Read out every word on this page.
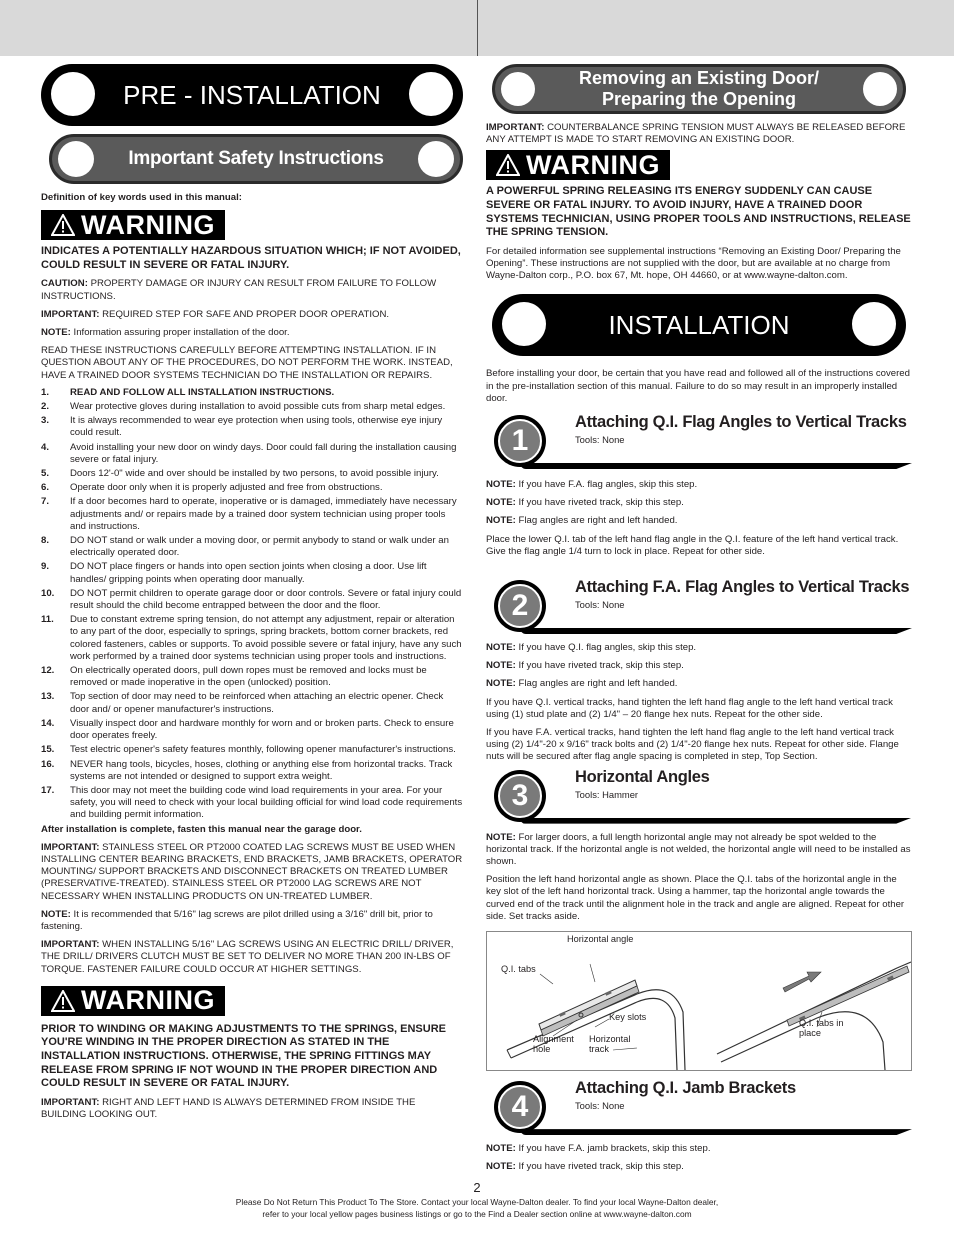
PRE - INSTALLATION
Important Safety Instructions
Definition of key words used in this manual:
WARNING
INDICATES A POTENTIALLY HAZARDOUS SITUATION WHICH; IF NOT AVOIDED, COULD RESULT IN SEVERE OR FATAL INJURY.
CAUTION: PROPERTY DAMAGE OR INJURY CAN RESULT FROM FAILURE TO FOLLOW INSTRUCTIONS.
IMPORTANT: REQUIRED STEP FOR SAFE AND PROPER DOOR OPERATION.
NOTE: Information assuring proper installation of the door.
READ THESE INSTRUCTIONS CAREFULLY BEFORE ATTEMPTING INSTALLATION. IF IN QUESTION ABOUT ANY OF THE PROCEDURES, DO NOT PERFORM THE WORK. INSTEAD, HAVE A TRAINED DOOR SYSTEMS TECHNICIAN DO THE INSTALLATION OR REPAIRS.
1. READ AND FOLLOW ALL INSTALLATION INSTRUCTIONS.
2. Wear protective gloves during installation to avoid possible cuts from sharp metal edges.
3. It is always recommended to wear eye protection when using tools, otherwise eye injury could result.
4. Avoid installing your new door on windy days. Door could fall during the installation causing severe or fatal injury.
5. Doors 12'-0" wide and over should be installed by two persons, to avoid possible injury.
6. Operate door only when it is properly adjusted and free from obstructions.
7. If a door becomes hard to operate, inoperative or is damaged, immediately have necessary adjustments and/ or repairs made by a trained door system technician using proper tools and instructions.
8. DO NOT stand or walk under a moving door, or permit anybody to stand or walk under an electrically operated door.
9. DO NOT place fingers or hands into open section joints when closing a door. Use lift handles/ gripping points when operating door manually.
10. DO NOT permit children to operate garage door or door controls. Severe or fatal injury could result should the child become entrapped between the door and the floor.
11. Due to constant extreme spring tension, do not attempt any adjustment, repair or alteration to any part of the door, especially to springs, spring brackets, bottom corner brackets, red colored fasteners, cables or supports. To avoid possible severe or fatal injury, have any such work performed by a trained door systems technician using proper tools and instructions.
12. On electrically operated doors, pull down ropes must be removed and locks must be removed or made inoperative in the open (unlocked) position.
13. Top section of door may need to be reinforced when attaching an electric opener. Check door and/ or opener manufacturer's instructions.
14. Visually inspect door and hardware monthly for worn and or broken parts. Check to ensure door operates freely.
15. Test electric opener's safety features monthly, following opener manufacturer's instructions.
16. NEVER hang tools, bicycles, hoses, clothing or anything else from horizontal tracks. Track systems are not intended or designed to support extra weight.
17. This door may not meet the building code wind load requirements in your area. For your safety, you will need to check with your local building official for wind load code requirements and building permit information.
After installation is complete, fasten this manual near the garage door.
IMPORTANT: STAINLESS STEEL OR PT2000 COATED LAG SCREWS MUST BE USED WHEN INSTALLING CENTER BEARING BRACKETS, END BRACKETS, JAMB BRACKETS, OPERATOR MOUNTING/ SUPPORT BRACKETS AND DISCONNECT BRACKETS ON TREATED LUMBER (PRESERVATIVE-TREATED). STAINLESS STEEL OR PT2000 LAG SCREWS ARE NOT NECESSARY WHEN INSTALLING PRODUCTS ON UN-TREATED LUMBER.
NOTE: It is recommended that 5/16" lag screws are pilot drilled using a 3/16" drill bit, prior to fastening.
IMPORTANT: WHEN INSTALLING 5/16" LAG SCREWS USING AN ELECTRIC DRILL/ DRIVER, THE DRILL/ DRIVERS CLUTCH MUST BE SET TO DELIVER NO MORE THAN 200 IN-LBS OF TORQUE. FASTENER FAILURE COULD OCCUR AT HIGHER SETTINGS.
WARNING
PRIOR TO WINDING OR MAKING ADJUSTMENTS TO THE SPRINGS, ENSURE YOU'RE WINDING IN THE PROPER DIRECTION AS STATED IN THE INSTALLATION INSTRUCTIONS. OTHERWISE, THE SPRING FITTINGS MAY RELEASE FROM SPRING IF NOT WOUND IN THE PROPER DIRECTION AND COULD RESULT IN SEVERE OR FATAL INJURY.
IMPORTANT: RIGHT AND LEFT HAND IS ALWAYS DETERMINED FROM INSIDE THE BUILDING LOOKING OUT.
Removing an Existing Door/
Preparing the Opening
IMPORTANT: COUNTERBALANCE SPRING TENSION MUST ALWAYS BE RELEASED BEFORE ANY ATTEMPT IS MADE TO START REMOVING AN EXISTING DOOR.
WARNING
A POWERFUL SPRING RELEASING ITS ENERGY SUDDENLY CAN CAUSE SEVERE OR FATAL INJURY. TO AVOID INJURY, HAVE A TRAINED DOOR SYSTEMS TECHNICIAN, USING PROPER TOOLS AND INSTRUCTIONS, RELEASE THE SPRING TENSION.
For detailed information see supplemental instructions “Removing an Existing Door/ Preparing the Opening”. These instructions are not supplied with the door, but are available at no charge from Wayne-Dalton corp., P.O. box 67, Mt. hope, OH 44660, or at www.wayne-dalton.com.
INSTALLATION
Before installing your door, be certain that you have read and followed all of the instructions covered in the pre-installation section of this manual. Failure to do so may result in an improperly installed door.
1
Attaching Q.I. Flag Angles to Vertical Tracks
Tools: None
NOTE: If you have F.A. flag angles, skip this step.
NOTE: If you have riveted track, skip this step.
NOTE: Flag angles are right and left handed.
Place the lower Q.I. tab of the left hand flag angle in the Q.I. feature of the left hand vertical track. Give the flag angle 1/4 turn to lock in place. Repeat for other side.
2
Attaching F.A. Flag Angles to Vertical Tracks
Tools: None
NOTE: If you have Q.I. flag angles, skip this step.
NOTE: If you have riveted track, skip this step.
NOTE: Flag angles are right and left handed.
If you have Q.I. vertical tracks, hand tighten the left hand flag angle to the left hand vertical track using (1) stud plate and (2) 1/4" – 20 flange hex nuts. Repeat for the other side.
If you have F.A. vertical tracks, hand tighten the left hand flag angle to the left hand vertical track using (2) 1/4"-20 x 9/16" track bolts and (2) 1/4"-20 flange hex nuts. Repeat for other side. Flange nuts will be secured after flag angle spacing is completed in step, Top Section.
3
Horizontal Angles
Tools: Hammer
NOTE: For larger doors, a full length horizontal angle may not already be spot welded to the horizontal track. If the horizontal angle is not welded, the horizontal angle will need to be installed as shown.
Position the left hand horizontal angle as shown. Place the Q.I. tabs of the horizontal angle in the key slot of the left hand horizontal track. Using a hammer, tap the horizontal angle towards the curved end of the track until the alignment hole in the track and angle are aligned. Repeat for other side. Set tracks aside.
Horizontal angle
Q.I. tabs
Key slots
Alignment hole
Horizontal track
Q.I. tabs in place
4
Attaching Q.I. Jamb Brackets
Tools: None
NOTE: If you have F.A. jamb brackets, skip this step.
NOTE: If you have riveted track, skip this step.
2
Please Do Not Return This Product To The Store. Contact your local Wayne-Dalton dealer. To find your local Wayne-Dalton dealer,
refer to your local yellow pages business listings or go to the Find a Dealer section online at www.wayne-dalton.com
